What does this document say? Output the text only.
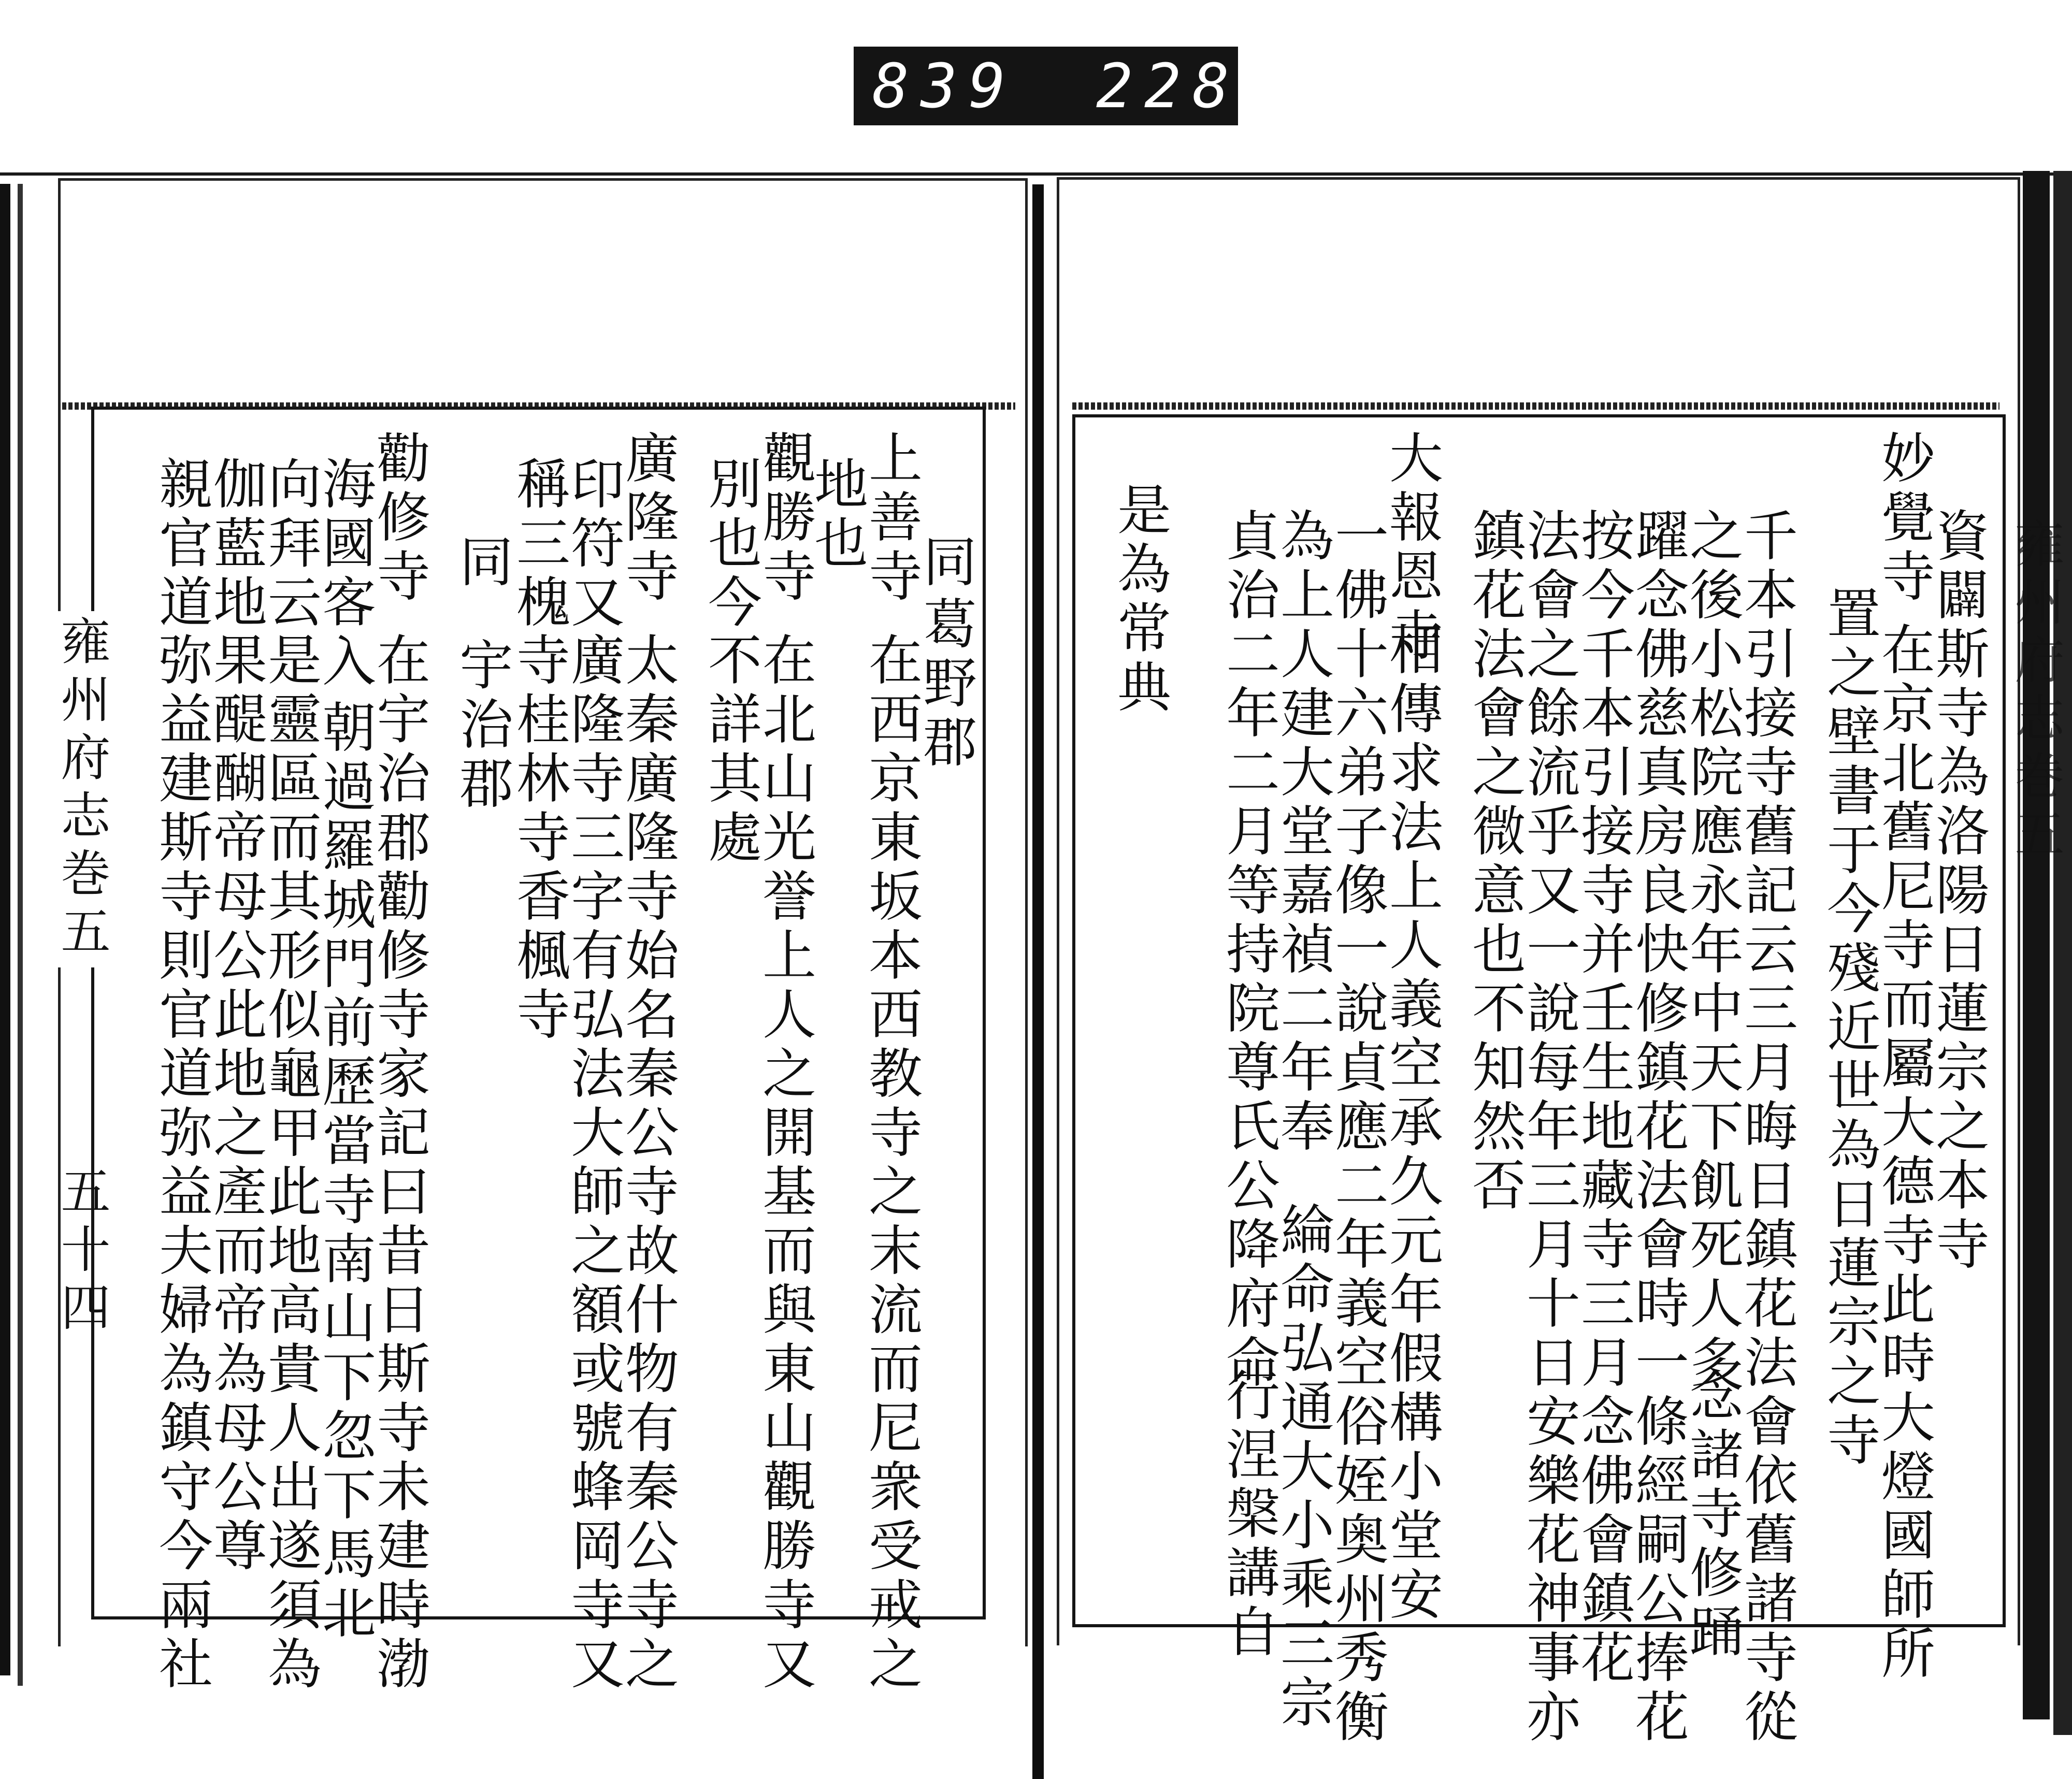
839 228
同
葛野郡
上善寺
在西京東坂本西教寺之末流而尼衆受戒之
地也
觀勝寺
在北山光誉上人之開基而與東山觀勝寺又
別也今
不詳其處
廣隆寺
太秦廣隆寺始名秦公寺故什物有秦公寺之
印符又
廣隆寺三字有弘法大師之額或號蜂岡寺又
稱三槐
寺桂林寺香楓寺
同
宇治郡
勸修寺
在宇治郡勸修寺家記曰昔日斯寺未建時渤
海國客入
朝過羅城門前歷當寺南山下忽下馬北
向拜云
是靈區而其形似龜甲此地高貴人出遂須為
伽藍地
果醍醐帝母公此地之產而帝為母公尊
親官道
弥益建斯寺則官道弥益夫婦為鎮守今兩社
雍州府志巻五
五十四	資闢斯寺為洛陽日蓮宗之本寺
妙覺寺
在京北舊尼寺而屬大德寺此時大燈國師所
置之壁書于今殘近世為日蓮宗之寺
千本引接寺
舊記云三月晦日鎮花法會依舊諸寺從
之後小松院應永年中天下飢死人多
念諸寺修踊
躍念佛慈真房良快修鎮花法會時一條經嗣公捧花
按今千本引接寺并壬生地藏寺三月念佛會鎮花
法會之餘流乎又一說每年三月十日安樂花神事亦
鎮花法會之微意也不知然否
大報恩寺
相傳求法上人義空承久元年假構小堂安
一佛十六弟子像一說貞應二年義空俗姪奥州秀衡
為上人建大堂嘉禎二年奉
綸命弘通大小乘三宗
貞治二年二月等持院尊氏公降府命
行涅槃講自
是為常典	雍州府志巻五
